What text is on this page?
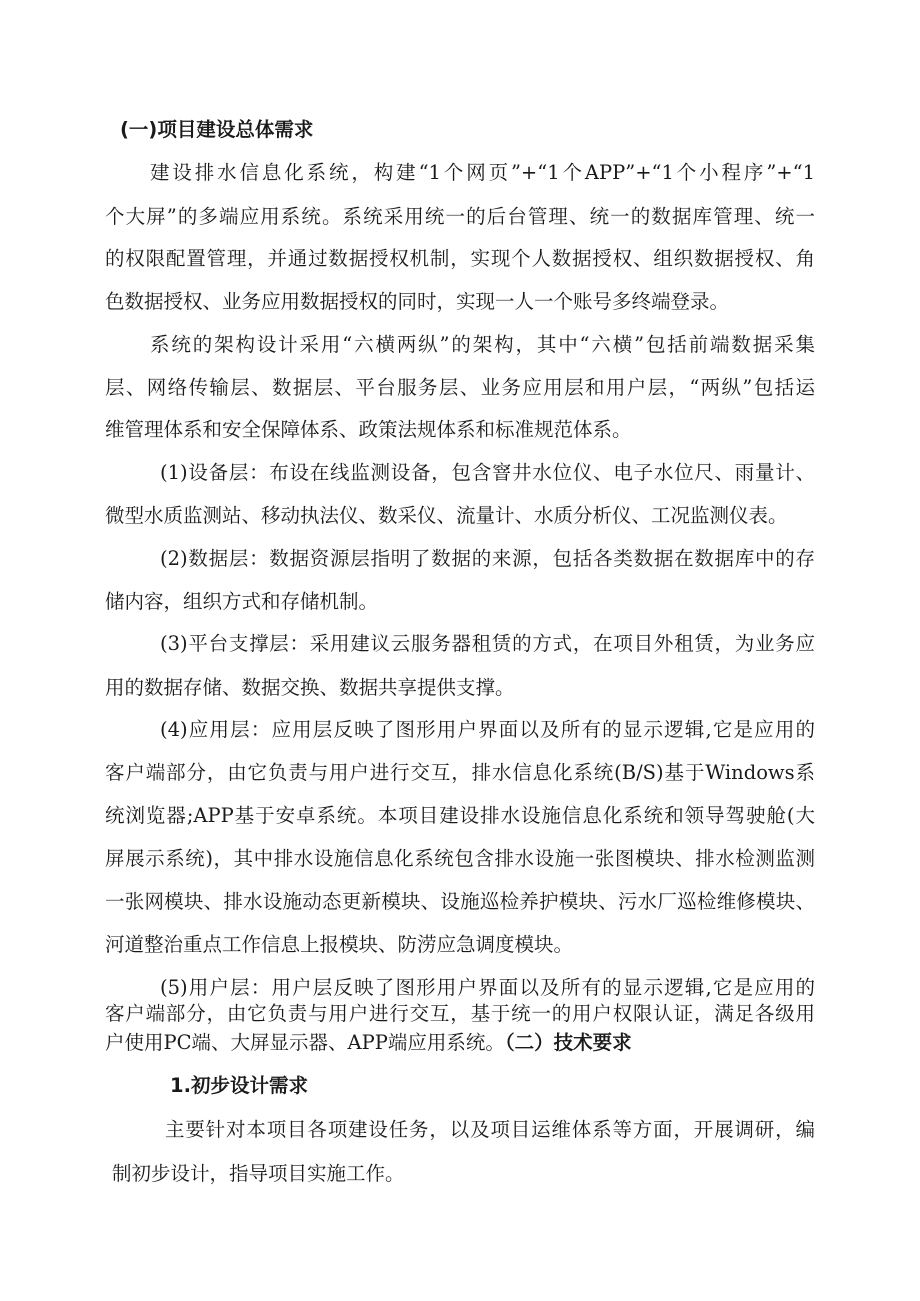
(一)项目建设总体需求
建设排水信息化系统，构建“1个网页”+“1个APP”+“1个小程序”+“1
个大屏”的多端应用系统。系统采用统一的后台管理、统一的数据库管理、统一
的权限配置管理，并通过数据授权机制，实现个人数据授权、组织数据授权、角
色数据授权、业务应用数据授权的同时，实现一人一个账号多终端登录。
系统的架构设计采用“六横两纵”的架构，其中“六横”包括前端数据采集
层、网络传输层、数据层、平台服务层、业务应用层和用户层，“两纵”包括运
维管理体系和安全保障体系、政策法规体系和标准规范体系。
(1)设备层：布设在线监测设备，包含窨井水位仪、电子水位尺、雨量计、
微型水质监测站、移动执法仪、数采仪、流量计、水质分析仪、工况监测仪表。
(2)数据层：数据资源层指明了数据的来源，包括各类数据在数据库中的存
储内容，组织方式和存储机制。
(3)平台支撑层：采用建议云服务器租赁的方式，在项目外租赁，为业务应
用的数据存储、数据交换、数据共享提供支撑。
(4)应用层：应用层反映了图形用户界面以及所有的显示逻辑,它是应用的
客户端部分，由它负责与用户进行交互，排水信息化系统(B/S)基于Windows系
统浏览器;APP基于安卓系统。本项目建设排水设施信息化系统和领导驾驶舱(大
屏展示系统)，其中排水设施信息化系统包含排水设施一张图模块、排水检测监测
一张网模块、排水设施动态更新模块、设施巡检养护模块、污水厂巡检维修模块、
河道整治重点工作信息上报模块、防涝应急调度模块。
(5)用户层：用户层反映了图形用户界面以及所有的显示逻辑,它是应用的
客户端部分，由它负责与用户进行交互，基于统一的用户权限认证，满足各级用
户使用PC端、大屏显示器、APP端应用系统。（二）技术要求
1.初步设计需求
主要针对本项目各项建设任务，以及项目运维体系等方面，开展调研，编
制初步设计，指导项目实施工作。
